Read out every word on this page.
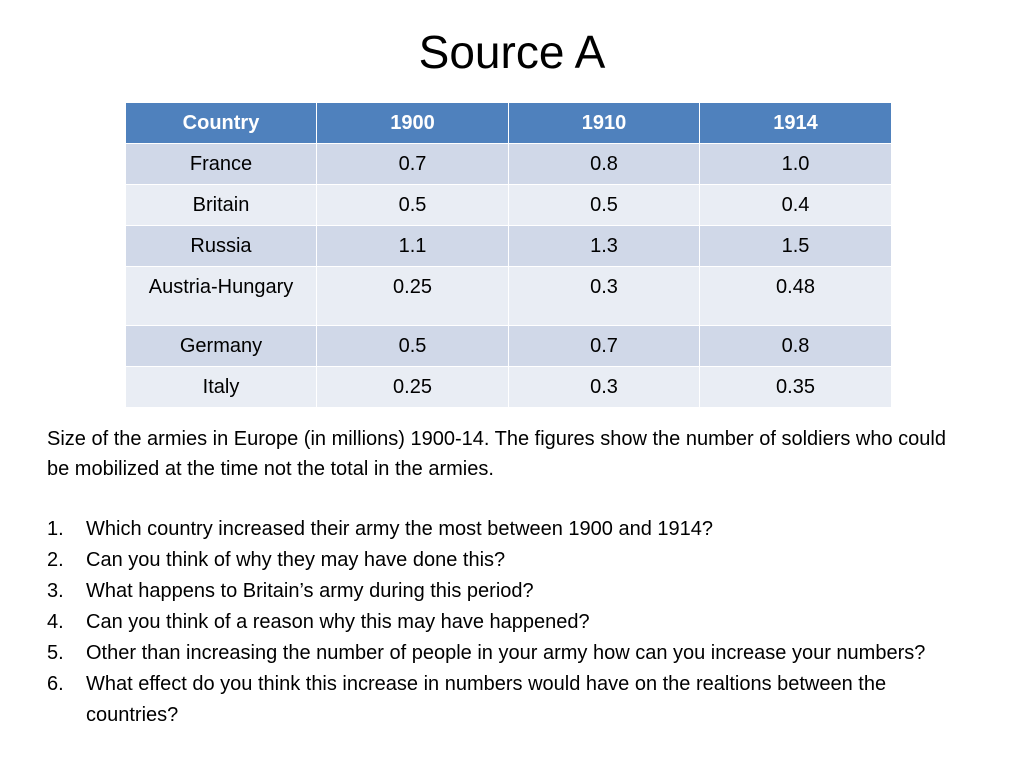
Source A
Country	1900	1910	1914
France	0.7	0.8	1.0
Britain	0.5	0.5	0.4
Russia	1.1	1.3	1.5
Austria-Hungary	0.25	0.3	0.48
Germany	0.5	0.7	0.8
Italy	0.25	0.3	0.35

Size of the armies in Europe (in millions) 1900-14. The figures show the number of soldiers who could be mobilized at the time not the total in the armies.

1. Which country increased their army the most between 1900 and 1914?
2. Can you think of why they may have done this?
3. What happens to Britain’s army during this period?
4. Can you think of a reason why this may have happened?
5. Other than increasing the number of people in your army how can you increase your numbers?
6. What effect do you think this increase in numbers would have on the realtions between the countries?
